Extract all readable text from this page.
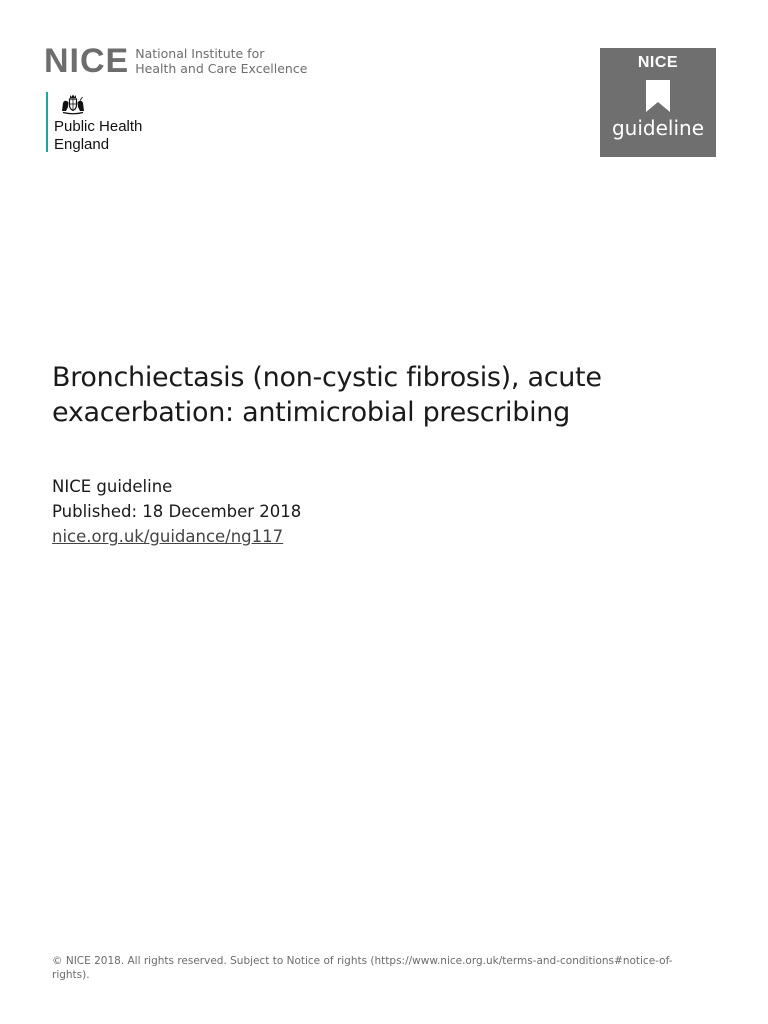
NICE National Institute for
Health and Care Excellence
Public Health
England
NICE
guideline
Bronchiectasis (non-cystic fibrosis), acute
exacerbation: antimicrobial prescribing
NICE guideline
Published: 18 December 2018
nice.org.uk/guidance/ng117
© NICE 2018. All rights reserved. Subject to Notice of rights (https://www.nice.org.uk/terms-and-conditions#notice-of-
rights).
